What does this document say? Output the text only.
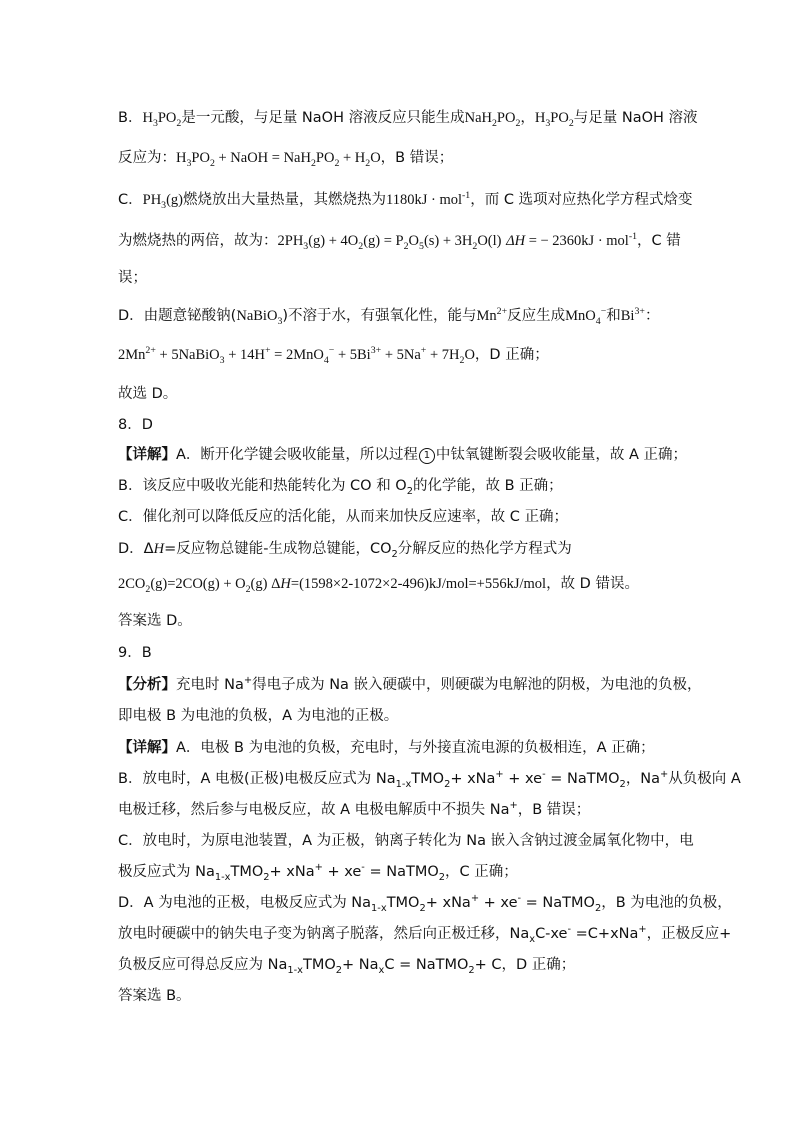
B．$H_3PO_2$是一元酸，与足量 NaOH 溶液反应只能生成$NaH_2PO_2$，$H_3PO_2$与足量 NaOH 溶液
反应为：$H_3PO_2$ + NaOH = $NaH_2PO_2 + H_2O$，B 错误；
C．$PH_3(g)$燃烧放出大量热量，其燃烧热为1180kJ · mol$^{-1}$，而 C 选项对应热化学方程式焓变
为燃烧热的两倍，故为：$2PH_3(g) + 4O_2(g) = P_2O_5(s) + 3H_2O(l) \Delta H$ = − 2360kJ · mol$^{-1}$，C 错
误；
D．由题意铋酸钠(NaBiO$_3$)不溶于水，有强氧化性，能与$Mn^{2+}$反应生成MnO$_4$−和$Bi^{3+}$：
$2Mn^{2+}$ + 5NaBiO$_3$ + $14H^+ = 2MnO_4^- + 5Bi^{3+} + 5Na^+ + 7H_2O$，D 正确；
故选 D。
8．D
【详解】A．断开化学键会吸收能量，所以过程 1 中钛氧键断裂会吸收能量，故 A 正确；
B．该反应中吸收光能和热能转化为 CO 和 $O_2$的化学能，故 B 正确；
C．催化剂可以降低反应的活化能，从而来加快反应速率，故 C 正确；
D．ΔH=反应物总键能-生成物总键能，$CO_2$分解反应的热化学方程式为
$2CO_2(g)=2CO(g) + O_2(g)$ ΔH=(1598×2-1072×2-496)kJ/mol=+556kJ/mol，故 D 错误。
答案选 D。
9．B
【分析】充电时 Na+得电子成为 Na 嵌入硬碳中，则硬碳为电解池的阴极，为电池的负极，
即电极 B 为电池的负极，A 为电池的正极。
【详解】A．电极 B 为电池的负极，充电时，与外接直流电源的负极相连，A 正确；
B．放电时，A 电极(正极)电极反应式为 $Na_{1-x}TMO_2+ xNa^+ + xe^-$ = NaTMO$_2$，Na+从负极向 A
电极迁移，然后参与电极反应，故 A 电极电解质中不损失 Na+，B 错误；
C．放电时，为原电池装置，A 为正极，钠离子转化为 Na 嵌入含钠过渡金属氧化物中，电
极反应式为 $Na_{1-x}TMO_2+ xNa^+ + xe^-$ = NaTMO$_2$，C 正确；
D．A 为电池的正极，电极反应式为 $Na_{1-x}TMO_2+ xNa^+ + xe^-$ = NaTMO$_2$，B 为电池的负极，
放电时硬碳中的钠失电子变为钠离子脱落，然后向正极迁移，$Na_xC-xe^- =C+xNa^+$，正极反应+
负极反应可得总反应为 $Na_{1-x}TMO_2+ Na_xC$ = NaTMO$_2$+ C，D 正确；
答案选 B。
